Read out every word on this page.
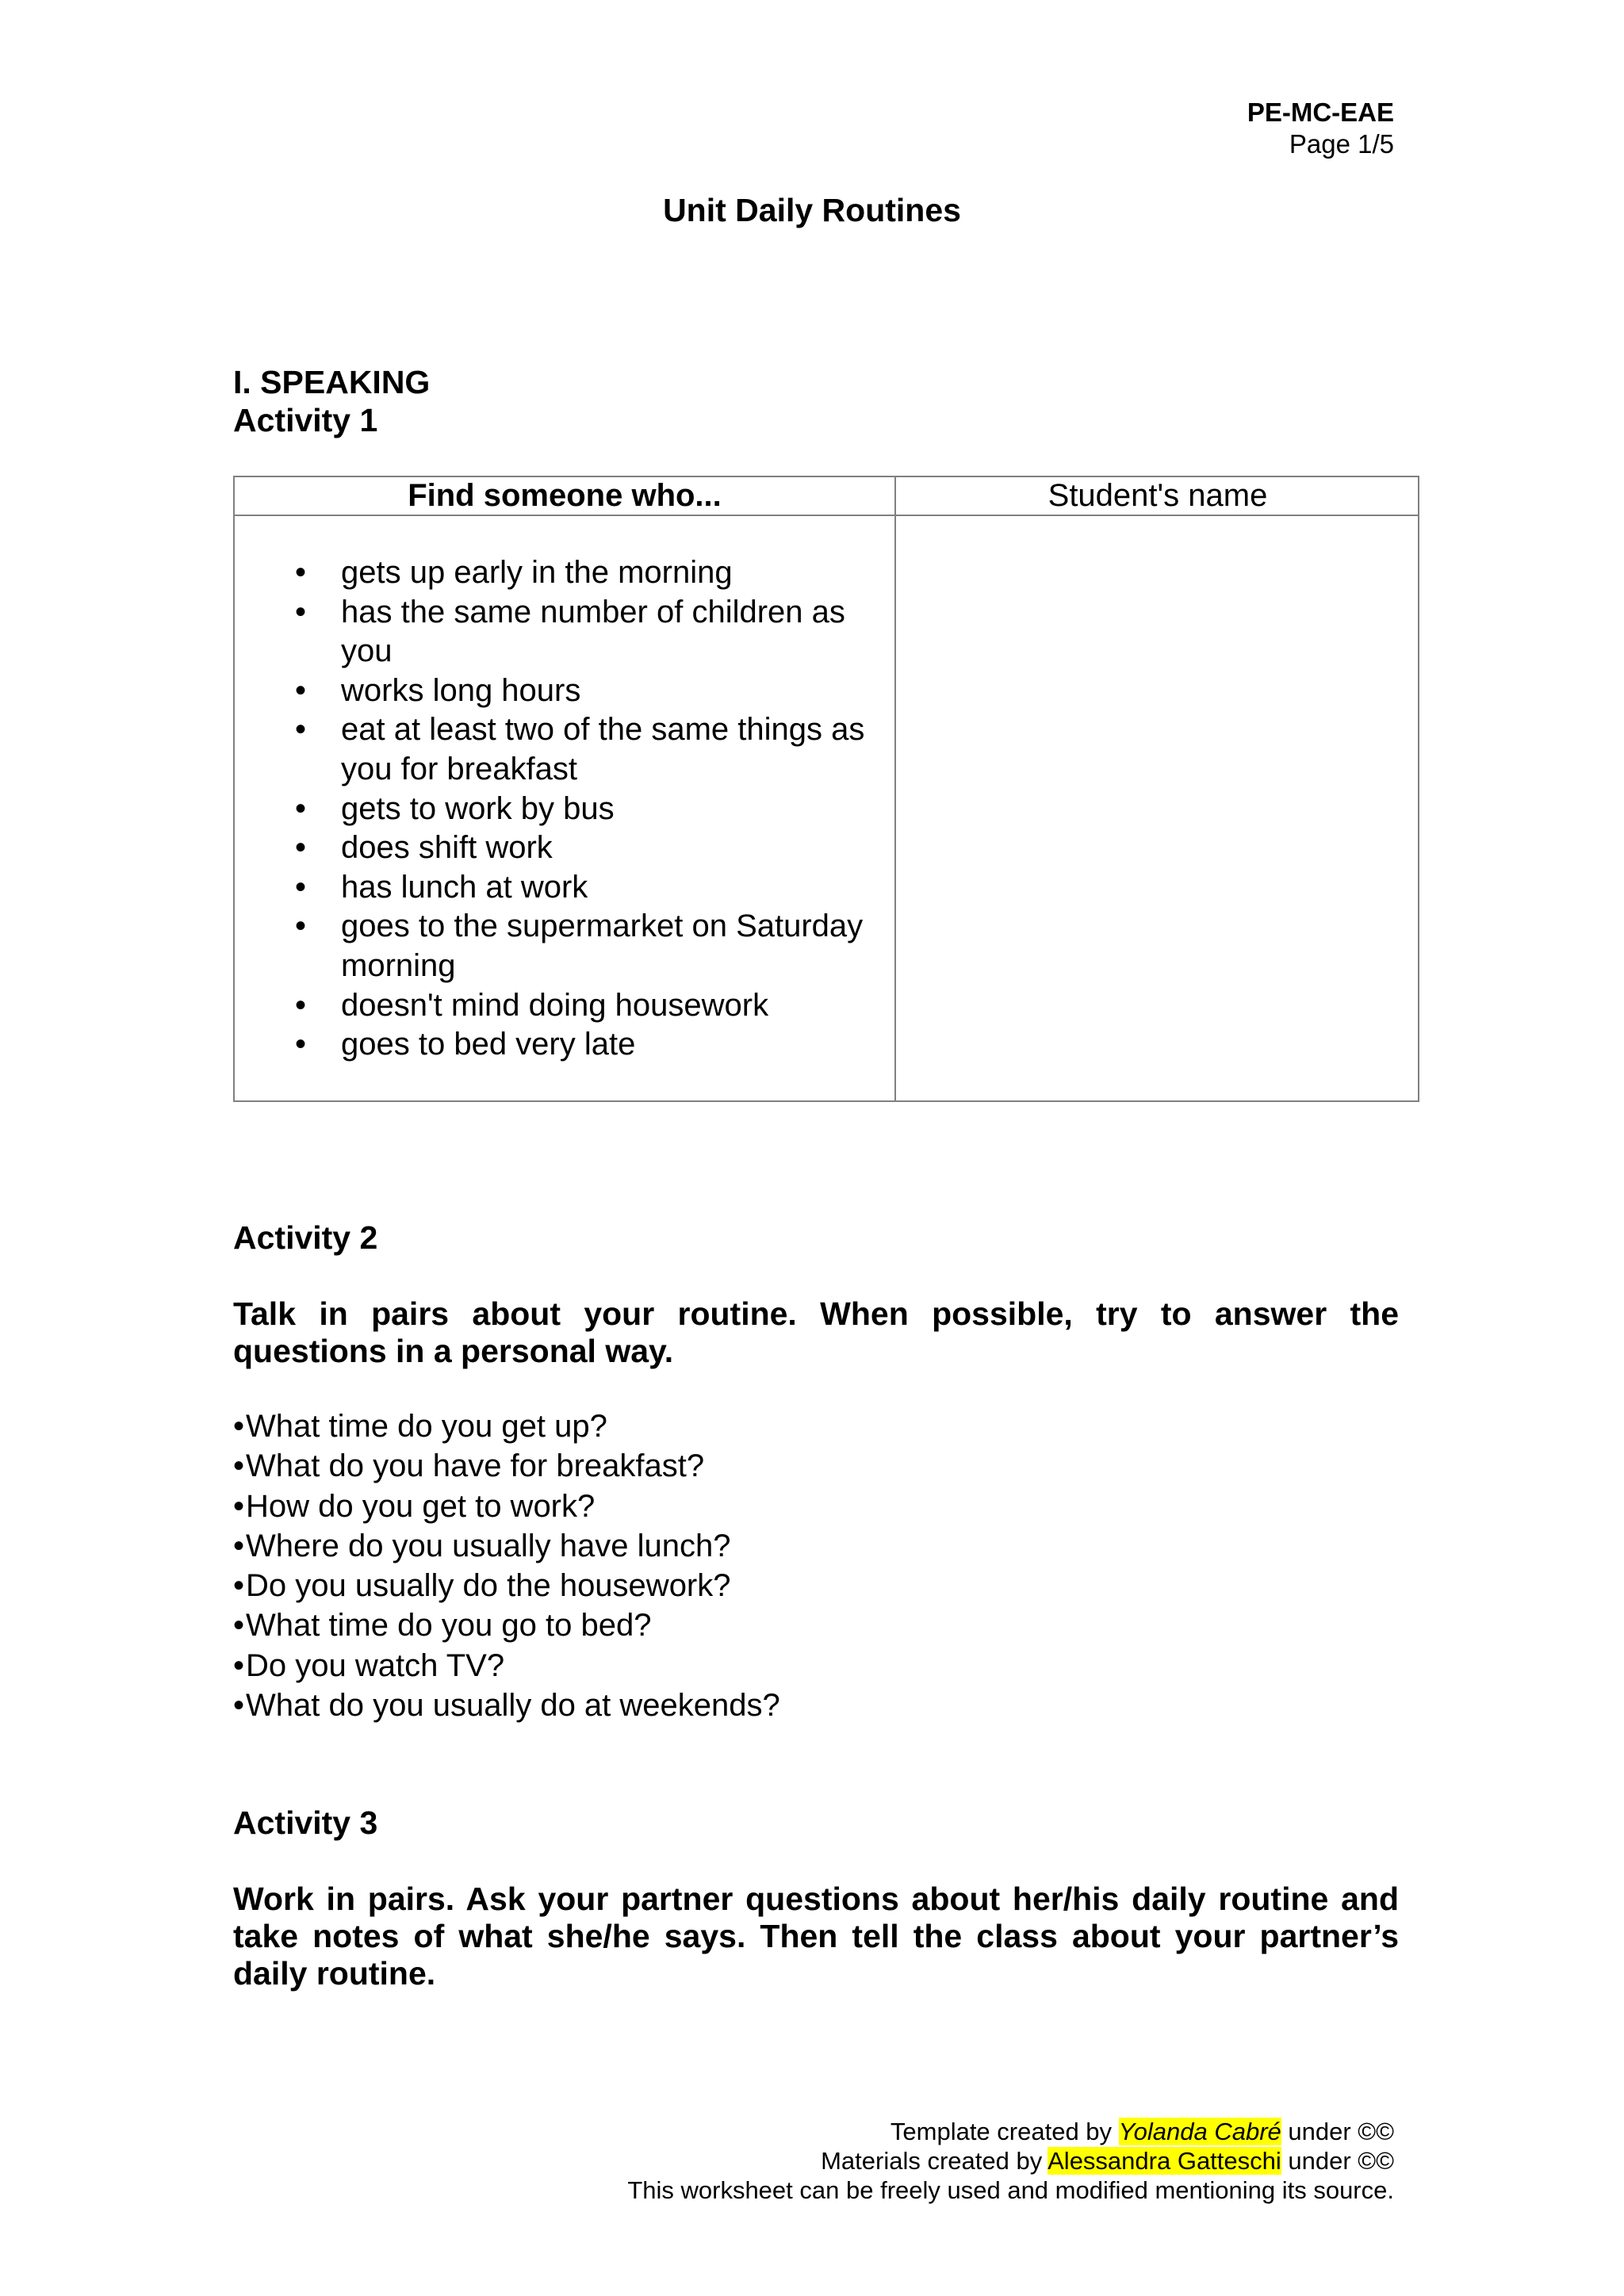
PE-MC-EAE
Page 1/5
Unit Daily Routines
I. SPEAKING
Activity 1
Find someone who...	Student's name
• gets up early in the morning
• has the same number of children as you
• works long hours
• eat at least two of the same things as you for breakfast
• gets to work by bus
• does shift work
• has lunch at work
• goes to the supermarket on Saturday morning
• doesn't mind doing housework
• goes to bed very late
Activity 2
Talk in pairs about your routine. When possible, try to answer the questions in a personal way.
•What time do you get up?
•What do you have for breakfast?
•How do you get to work?
•Where do you usually have lunch?
•Do you usually do the housework?
•What time do you go to bed?
•Do you watch TV?
•What do you usually do at weekends?
Activity 3
Work in pairs. Ask your partner questions about her/his daily routine and take notes of what she/he says. Then tell the class about your partner’s daily routine.
Template created by Yolanda Cabré under ©©
Materials created by Alessandra Gatteschi under ©©
This worksheet can be freely used and modified mentioning its source.
